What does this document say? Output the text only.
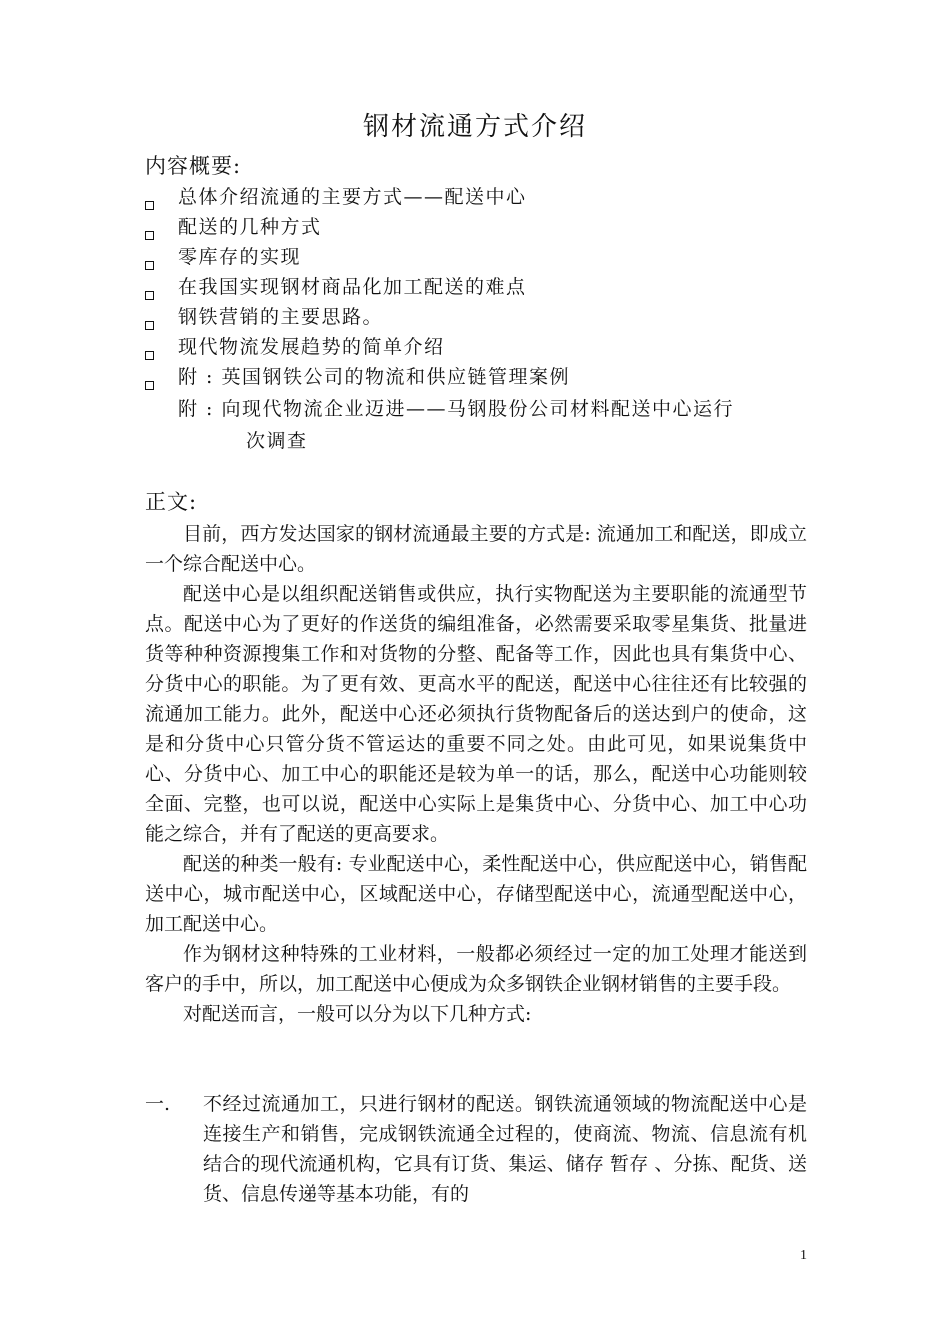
钢材流通方式介绍
内容概要:
总体介绍流通的主要方式——配送中心
配送的几种方式
零库存的实现
在我国实现钢材商品化加工配送的难点
钢铁营销的主要思路。
现代物流发展趋势的简单介绍
附 : 英国钢铁公司的物流和供应链管理案例
附 : 向现代物流企业迈进——马钢股份公司材料配送中心运行
次调查
正文:

目前，西方发达国家的钢材流通最主要的方式是: 流通加工和配送，即成立一个综合配送中心。

配送中心是以组织配送销售或供应，执行实物配送为主要职能的流通型节点。配送中心为了更好的作送货的编组准备，必然需要采取零星集货、批量进货等种种资源搜集工作和对货物的分整、配备等工作，因此也具有集货中心、分货中心的职能。为了更有效、更高水平的配送，配送中心往往还有比较强的流通加工能力。此外，配送中心还必须执行货物配备后的送达到户的使命，这是和分货中心只管分货不管运达的重要不同之处。由此可见，如果说集货中心、分货中心、加工中心的职能还是较为单一的话，那么，配送中心功能则较全面、完整，也可以说，配送中心实际上是集货中心、分货中心、加工中心功能之综合，并有了配送的更高要求。

配送的种类一般有: 专业配送中心，柔性配送中心，供应配送中心，销售配送中心，城市配送中心，区域配送中心，存储型配送中心，流通型配送中心，加工配送中心。

作为钢材这种特殊的工业材料，一般都必须经过一定的加工处理才能送到客户的手中，所以，加工配送中心便成为众多钢铁企业钢材销售的主要手段。

对配送而言，一般可以分为以下几种方式:

一. 不经过流通加工，只进行钢材的配送。钢铁流通领域的物流配送中心是连接生产和销售，完成钢铁流通全过程的，使商流、物流、信息流有机结合的现代流通机构，它具有订货、集运、储存 暂存 、分拣、配货、送货、信息传递等基本功能，有的
1
